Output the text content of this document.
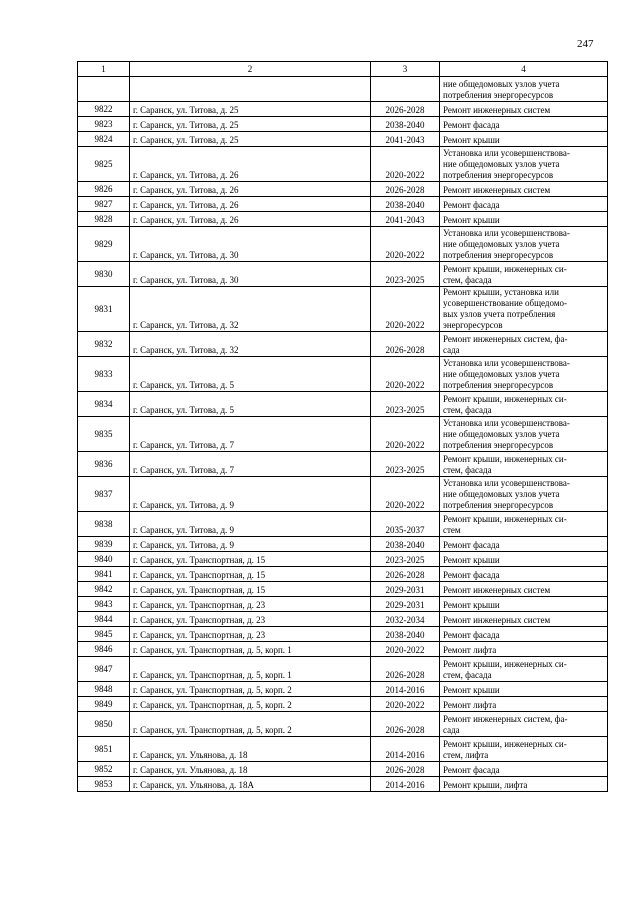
247
1	2	3	4
			ние общедомовых узлов учета
потребления энергоресурсов
9822	г. Саранск, ул. Титова, д. 25	2026-2028	Ремонт инженерных систем
9823	г. Саранск, ул. Титова, д. 25	2038-2040	Ремонт фасада
9824	г. Саранск, ул. Титова, д. 25	2041-2043	Ремонт крыши
9825	г. Саранск, ул. Титова, д. 26	2020-2022	Установка или усовершенствова-
ние общедомовых узлов учета
потребления энергоресурсов
9826	г. Саранск, ул. Титова, д. 26	2026-2028	Ремонт инженерных систем
9827	г. Саранск, ул. Титова, д. 26	2038-2040	Ремонт фасада
9828	г. Саранск, ул. Титова, д. 26	2041-2043	Ремонт крыши
9829	г. Саранск, ул. Титова, д. 30	2020-2022	Установка или усовершенствова-
ние общедомовых узлов учета
потребления энергоресурсов
9830	г. Саранск, ул. Титова, д. 30	2023-2025	Ремонт крыши, инженерных си-
стем, фасада
9831	г. Саранск, ул. Титова, д. 32	2020-2022	Ремонт крыши, установка или
усовершенствование общедомо-
вых узлов учета потребления
энергоресурсов
9832	г. Саранск, ул. Титова, д. 32	2026-2028	Ремонт инженерных систем, фа-
сада
9833	г. Саранск, ул. Титова, д. 5	2020-2022	Установка или усовершенствова-
ние общедомовых узлов учета
потребления энергоресурсов
9834	г. Саранск, ул. Титова, д. 5	2023-2025	Ремонт крыши, инженерных си-
стем, фасада
9835	г. Саранск, ул. Титова, д. 7	2020-2022	Установка или усовершенствова-
ние общедомовых узлов учета
потребления энергоресурсов
9836	г. Саранск, ул. Титова, д. 7	2023-2025	Ремонт крыши, инженерных си-
стем, фасада
9837	г. Саранск, ул. Титова, д. 9	2020-2022	Установка или усовершенствова-
ние общедомовых узлов учета
потребления энергоресурсов
9838	г. Саранск, ул. Титова, д. 9	2035-2037	Ремонт крыши, инженерных си-
стем
9839	г. Саранск, ул. Титова, д. 9	2038-2040	Ремонт фасада
9840	г. Саранск, ул. Транспортная, д. 15	2023-2025	Ремонт крыши
9841	г. Саранск, ул. Транспортная, д. 15	2026-2028	Ремонт фасада
9842	г. Саранск, ул. Транспортная, д. 15	2029-2031	Ремонт инженерных систем
9843	г. Саранск, ул. Транспортная, д. 23	2029-2031	Ремонт крыши
9844	г. Саранск, ул. Транспортная, д. 23	2032-2034	Ремонт инженерных систем
9845	г. Саранск, ул. Транспортная, д. 23	2038-2040	Ремонт фасада
9846	г. Саранск, ул. Транспортная, д. 5, корп. 1	2020-2022	Ремонт лифта
9847	г. Саранск, ул. Транспортная, д. 5, корп. 1	2026-2028	Ремонт крыши, инженерных си-
стем, фасада
9848	г. Саранск, ул. Транспортная, д. 5, корп. 2	2014-2016	Ремонт крыши
9849	г. Саранск, ул. Транспортная, д. 5, корп. 2	2020-2022	Ремонт лифта
9850	г. Саранск, ул. Транспортная, д. 5, корп. 2	2026-2028	Ремонт инженерных систем, фа-
сада
9851	г. Саранск, ул. Ульянова, д. 18	2014-2016	Ремонт крыши, инженерных си-
стем, лифта
9852	г. Саранск, ул. Ульянова, д. 18	2026-2028	Ремонт фасада
9853	г. Саранск, ул. Ульянова, д. 18А	2014-2016	Ремонт крыши, лифта
